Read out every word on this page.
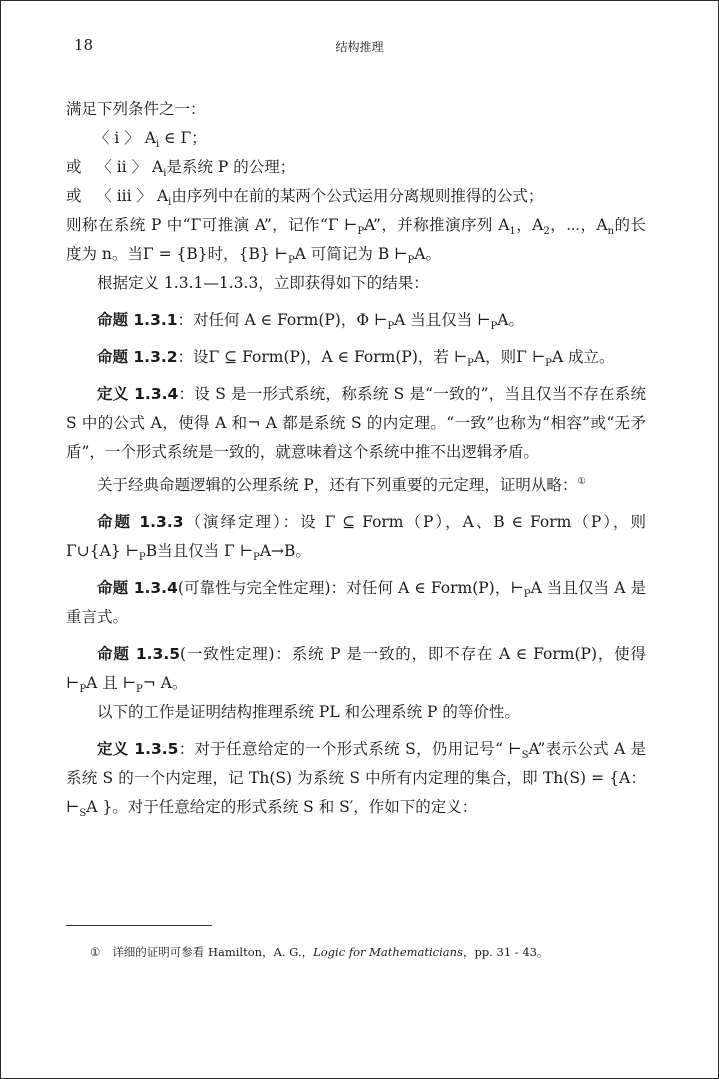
18	结构推理

满足下列条件之一：

〈 i 〉 $A_i$ ∈ Γ；

或 〈 ii 〉 $A_i$是系统 P 的公理；

或 〈 iii 〉 $A_i$由序列中在前的某两个公式运用分离规则推得的公式；

则称在系统 P 中“Γ可推演 A”，记作“Γ $⊢_PA$”，并称推演序列 $A_1$，$A_2$，⋯，$A_n$的长度为 n。当Γ = {B}时，{B} $⊢_PA$ 可简记为 B $⊢_PA$。

根据定义 1.3.1—1.3.3，立即获得如下的结果：

命题 1.3.1：对任何 A ∈ Form(P)，Φ $⊢_PA$ 当且仅当 $⊢_PA$。

命题 1.3.2：设Γ ⊆ Form(P)，A ∈ Form(P)，若 $⊢_PA$，则Γ $⊢_PA$ 成立。

定义 1.3.4：设 S 是一形式系统，称系统 S 是“一致的”，当且仅当不存在系统 S 中的公式 A，使得 A 和¬ A 都是系统 S 的内定理。“一致”也称为“相容”或“无矛盾”，一个形式系统是一致的，就意味着这个系统中推不出逻辑矛盾。

关于经典命题逻辑的公理系统 P，还有下列重要的元定理，证明从略：①

命题 1.3.3（演绎定理）：设 Γ ⊆ Form（P），A、B ∈ Form（P），则 Γ∪{A} $⊢_PB$当且仅当 Γ $⊢_PA\to B$。

命题 1.3.4(可靠性与完全性定理)：对任何 A ∈ Form(P)，$⊢_PA$ 当且仅当 A 是重言式。

命题 1.3.5(一致性定理)：系统 P 是一致的，即不存在 A ∈ Form(P)，使得 $⊢_PA$ 且 $⊢_P\neg$ A。

以下的工作是证明结构推理系统 PL 和公理系统 P 的等价性。

定义 1.3.5：对于任意给定的一个形式系统 S，仍用记号“ $⊢_SA$”表示公式 A 是系统 S 的一个内定理，记 Th(S) 为系统 S 中所有内定理的集合，即 Th(S) = {A： $⊢_SA$ }。对于任意给定的形式系统 S 和 S′，作如下的定义：

① 详细的证明可参看 Hamilton，A. G.，Logic for Mathematicians，pp. 31 - 43。
